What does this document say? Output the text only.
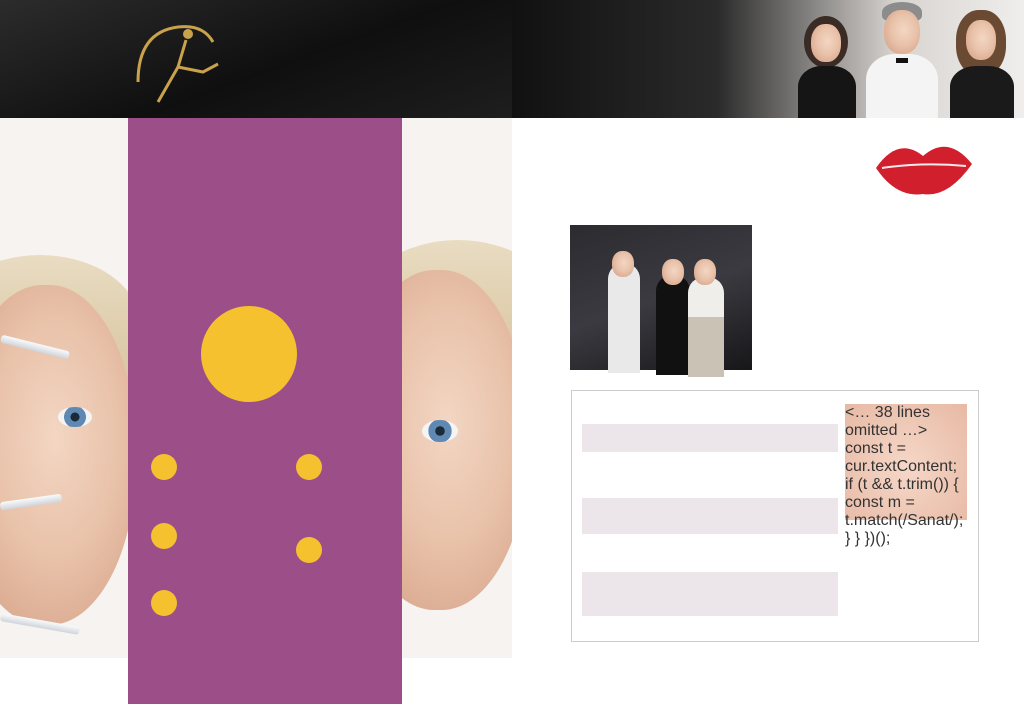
<… 38 lines omitted …> const t = cur.textContent; if (t && t.trim()) { const m = t.match(/Sanat/); } } })();
